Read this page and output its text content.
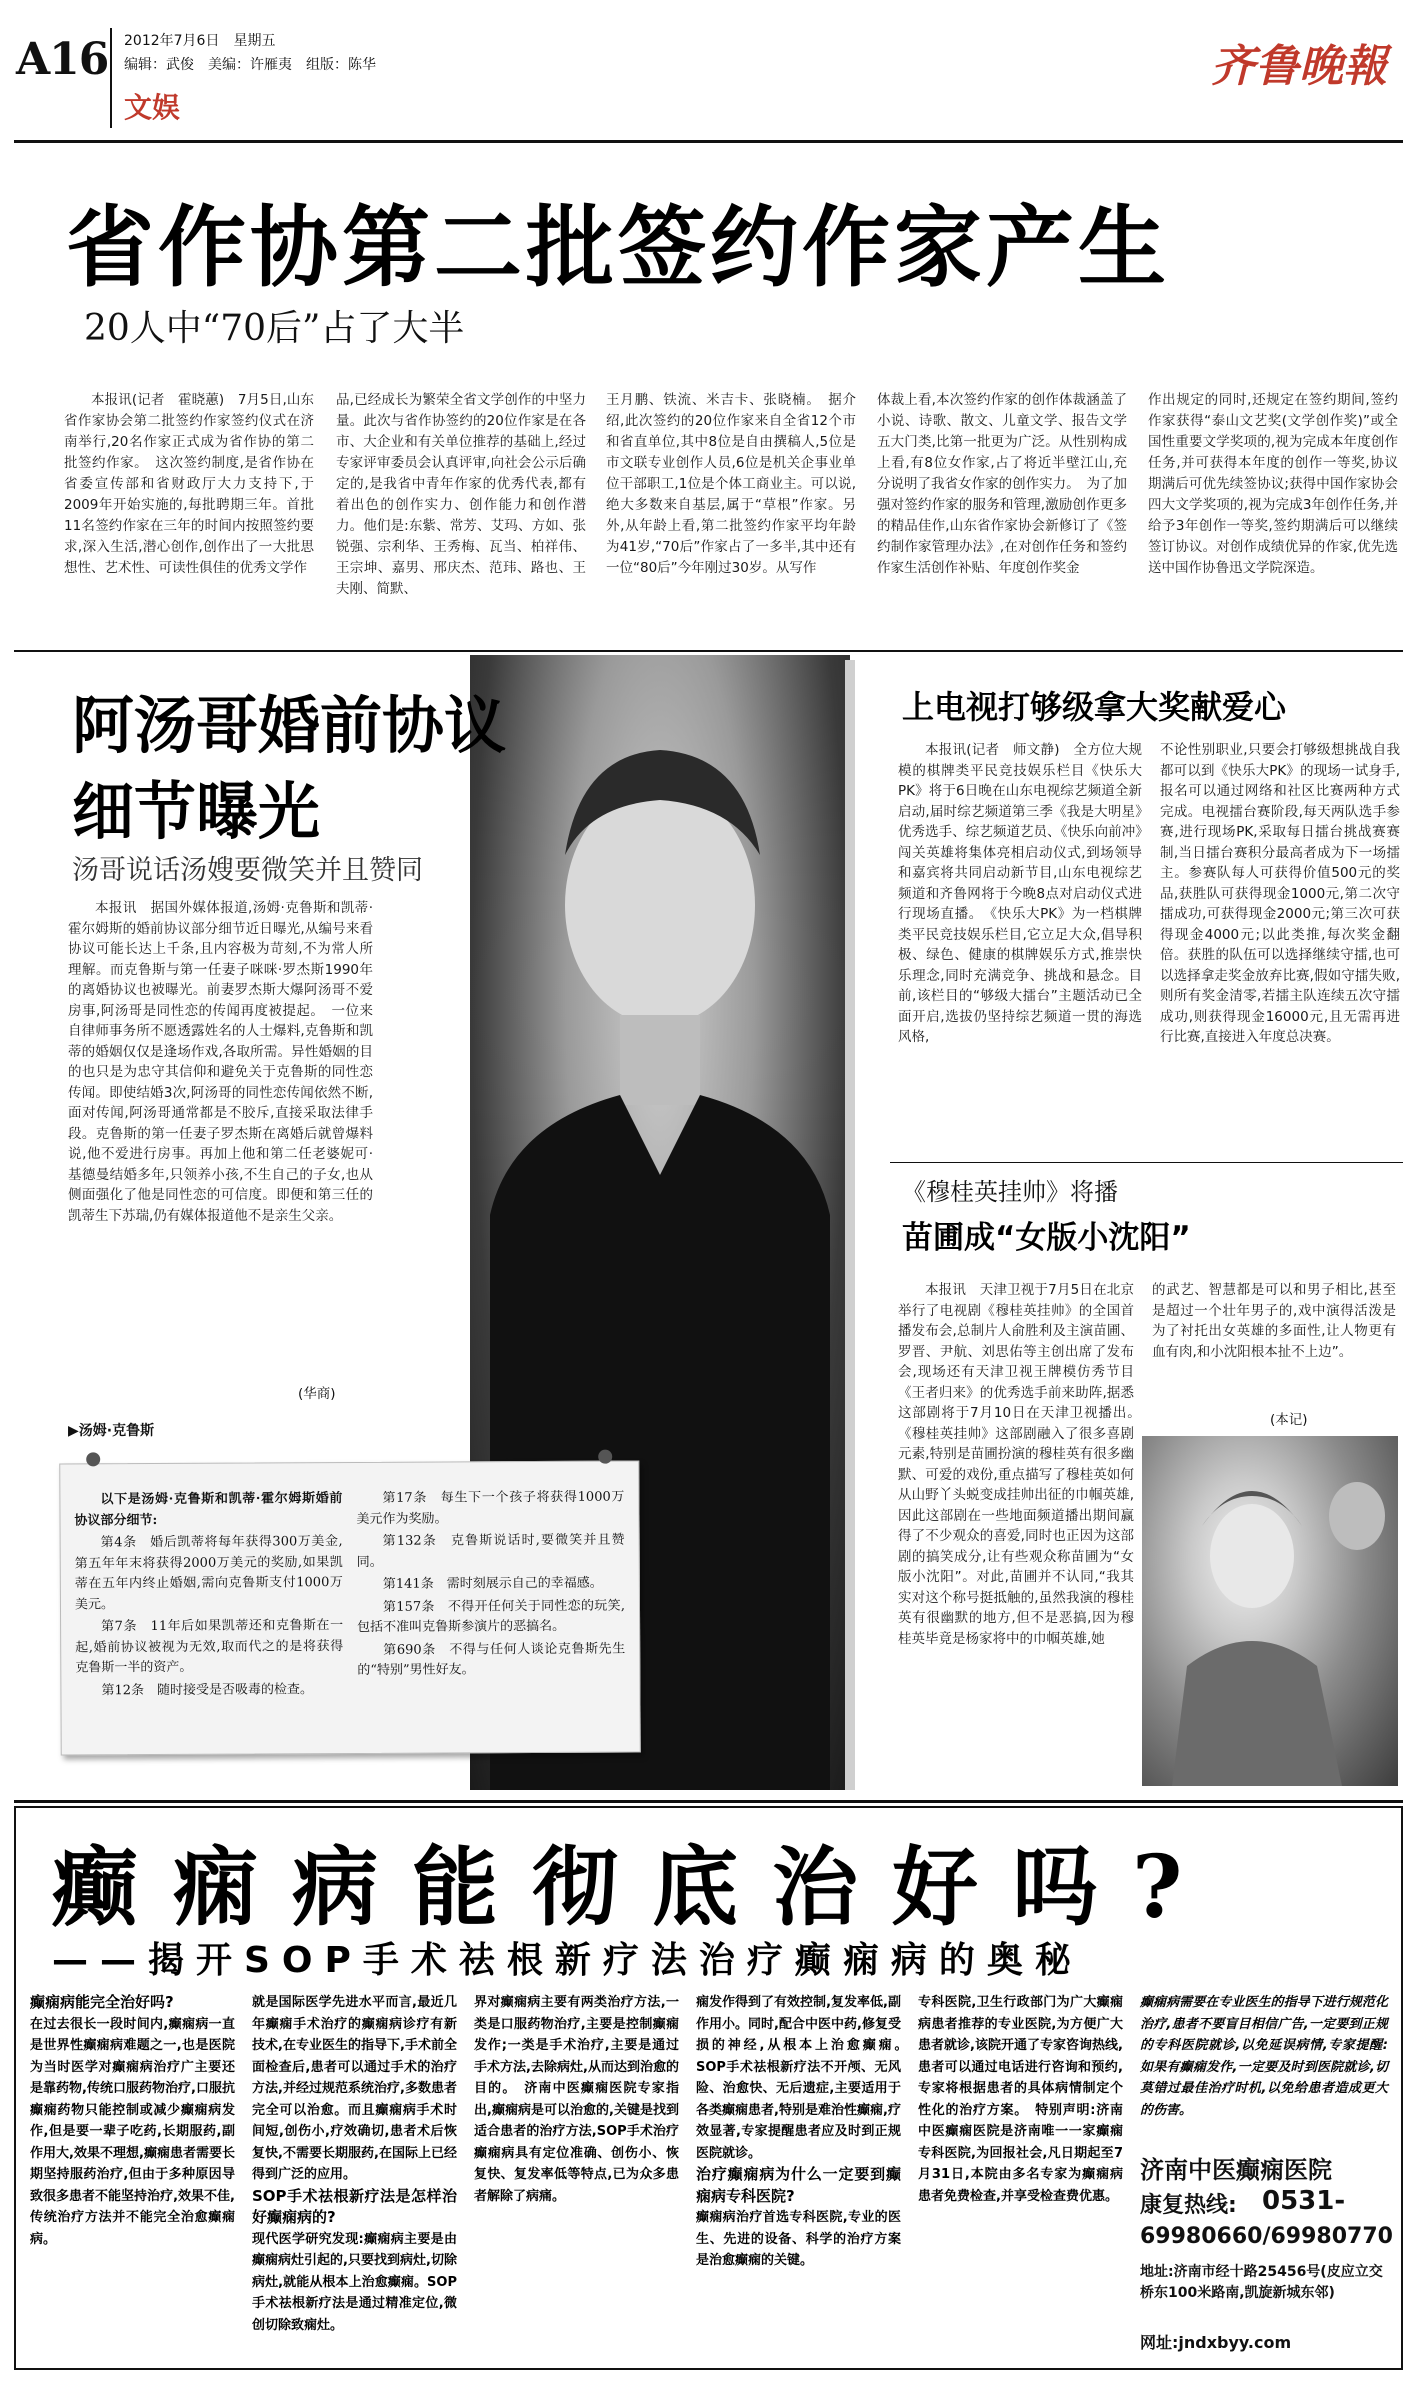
A16 2012年7月6日　星期五
编辑：武俊　美编：许雁夷　组版：陈华
文娱
齐鲁晚報
省作协第二批签约作家产生
20人中“70后”占了大半

本报讯(记者　霍晓蕙)　7月5日,山东省作家协会第二批签约作家签约仪式在济南举行,20名作家正式成为省作协的第二批签约作家。　这次签约制度,是省作协在省委宣传部和省财政厅大力支持下,于2009年开始实施的,每批聘期三年。首批11名签约作家在三年的时间内按照签约要求,深入生活,潜心创作,创作出了一大批思想性、艺术性、可读性俱佳的优秀文学作

品,已经成长为繁荣全省文学创作的中坚力量。此次与省作协签约的20位作家是在各市、大企业和有关单位推荐的基础上,经过专家评审委员会认真评审,向社会公示后确定的,是我省中青年作家的优秀代表,都有着出色的创作实力、创作能力和创作潜力。他们是:东紫、常芳、艾玛、方如、张锐强、宗利华、王秀梅、瓦当、柏祥伟、王宗坤、嘉男、邢庆杰、范玮、路也、王夫刚、简默、

王月鹏、铁流、米吉卡、张晓楠。　据介绍,此次签约的20位作家来自全省12个市和省直单位,其中8位是自由撰稿人,5位是市文联专业创作人员,6位是机关企事业单位干部职工,1位是个体工商业主。可以说,绝大多数来自基层,属于“草根”作家。另外,从年龄上看,第二批签约作家平均年龄为41岁,“70后”作家占了一多半,其中还有一位“80后”今年刚过30岁。从写作

体裁上看,本次签约作家的创作体裁涵盖了小说、诗歌、散文、儿童文学、报告文学五大门类,比第一批更为广泛。从性别构成上看,有8位女作家,占了将近半壁江山,充分说明了我省女作家的创作实力。　为了加强对签约作家的服务和管理,激励创作更多的精品佳作,山东省作家协会新修订了《签约制作家管理办法》,在对创作任务和签约作家生活创作补贴、年度创作奖金

作出规定的同时,还规定在签约期间,签约作家获得“泰山文艺奖(文学创作奖)”或全国性重要文学奖项的,视为完成本年度创作任务,并可获得本年度的创作一等奖,协议期满后可优先续签协议;获得中国作家协会四大文学奖项的,视为完成3年创作任务,并给予3年创作一等奖,签约期满后可以继续签订协议。对创作成绩优异的作家,优先选送中国作协鲁迅文学院深造。

阿汤哥婚前协议
细节曝光
汤哥说话汤嫂要微笑并且赞同

本报讯　据国外媒体报道,汤姆·克鲁斯和凯蒂·霍尔姆斯的婚前协议部分细节近日曝光,从编号来看协议可能长达上千条,且内容极为苛刻,不为常人所理解。而克鲁斯与第一任妻子咪咪·罗杰斯1990年的离婚协议也被曝光。前妻罗杰斯大爆阿汤哥不爱房事,阿汤哥是同性恋的传闻再度被提起。　一位来自律师事务所不愿透露姓名的人士爆料,克鲁斯和凯蒂的婚姻仅仅是逢场作戏,各取所需。异性婚姻的目的也只是为忠守其信仰和避免关于克鲁斯的同性恋传闻。即使结婚3次,阿汤哥的同性恋传闻依然不断,面对传闻,阿汤哥通常都是不胶斥,直接采取法律手段。克鲁斯的第一任妻子罗杰斯在离婚后就曾爆料说,他不爱进行房事。再加上他和第二任老婆妮可·基德曼结婚多年,只领养小孩,不生自己的子女,也从侧面强化了他是同性恋的可信度。即便和第三任的凯蒂生下苏瑞,仍有媒体报道他不是亲生父亲。

(华商)
▶汤姆·克鲁斯
以下是汤姆·克鲁斯和凯蒂·霍尔姆斯婚前协议部分细节:
第4条　婚后凯蒂将每年获得300万美金,第五年年末将获得2000万美元的奖励,如果凯蒂在五年内终止婚姻,需向克鲁斯支付1000万美元。
第7条　11年后如果凯蒂还和克鲁斯在一起,婚前协议被视为无效,取而代之的是将获得克鲁斯一半的资产。
第12条　随时接受是否吸毒的检查。
第17条　每生下一个孩子将获得1000万美元作为奖励。
第132条　克鲁斯说话时,要微笑并且赞同。
第141条　需时刻展示自己的幸福感。
第157条　不得开任何关于同性恋的玩笑,包括不准叫克鲁斯参演片的恶搞名。
第690条　不得与任何人谈论克鲁斯先生的“特别”男性好友。
上电视打够级拿大奖献爱心

本报讯(记者　师文静)　全方位大规模的棋牌类平民竞技娱乐栏目《快乐大PK》将于6日晚在山东电视综艺频道全新启动,届时综艺频道第三季《我是大明星》优秀选手、综艺频道艺员、《快乐向前冲》闯关英雄将集体亮相启动仪式,到场领导和嘉宾将共同启动新节目,山东电视综艺频道和齐鲁网将于今晚8点对启动仪式进行现场直播。　《快乐大PK》为一档棋牌类平民竞技娱乐栏目,它立足大众,倡导积极、绿色、健康的棋牌娱乐方式,推崇快乐理念,同时充满竞争、挑战和悬念。目前,该栏目的“够级大擂台”主题活动已全面开启,选拔仍坚持综艺频道一贯的海选风格,

不论性别职业,只要会打够级想挑战自我都可以到《快乐大PK》的现场一试身手,报名可以通过网络和社区比赛两种方式完成。电视擂台赛阶段,每天两队选手参赛,进行现场PK,采取每日擂台挑战赛赛制,当日擂台赛积分最高者成为下一场擂主。参赛队每人可获得价值500元的奖品,获胜队可获得现金1000元,第二次守擂成功,可获得现金2000元;第三次可获得现金4000元;以此类推,每次奖金翻倍。获胜的队伍可以选择继续守擂,也可以选择拿走奖金放弃比赛,假如守擂失败,则所有奖金清零,若擂主队连续五次守擂成功,则获得现金16000元,且无需再进行比赛,直接进入年度总决赛。

《穆桂英挂帅》将播
苗圃成“女版小沈阳”

本报讯　天津卫视于7月5日在北京举行了电视剧《穆桂英挂帅》的全国首播发布会,总制片人俞胜利及主演苗圃、罗晋、尹航、刘思佑等主创出席了发布会,现场还有天津卫视王牌模仿秀节目《王者归来》的优秀选手前来助阵,据悉这部剧将于7月10日在天津卫视播出。　《穆桂英挂帅》这部剧融入了很多喜剧元素,特别是苗圃扮演的穆桂英有很多幽默、可爱的戏份,重点描写了穆桂英如何从山野丫头蜕变成挂帅出征的巾帼英雄,因此这部剧在一些地面频道播出期间赢得了不少观众的喜爱,同时也正因为这部剧的搞笑成分,让有些观众称苗圃为“女版小沈阳”。对此,苗圃并不认同,“我其实对这个称号挺抵触的,虽然我演的穆桂英有很幽默的地方,但不是恶搞,因为穆桂英毕竟是杨家将中的巾帼英雄,她

的武艺、智慧都是可以和男子相比,甚至是超过一个壮年男子的,戏中演得活泼是为了衬托出女英雄的多面性,让人物更有血有肉,和小沈阳根本扯不上边”。

(本记)
癫痫病能彻底治好吗?
——揭开SOP手术祛根新疗法治疗癫痫病的奥秘

癫痫病能完全治好吗?

在过去很长一段时间内,癫痫病一直是世界性癫痫病难题之一,也是医院为当时医学对癫痫病治疗广主要还是靠药物,传统口服药物治疗,口服抗癫痫药物只能控制或减少癫痫病发作,但是要一辈子吃药,长期服药,副作用大,效果不理想,癫痫患者需要长期坚持服药治疗,但由于多种原因导致很多患者不能坚持治疗,效果不佳,传统治疗方法并不能完全治愈癫痫病。

就是国际医学先进水平而言,最近几年癫痫手术治疗的癫痫病诊疗有新技术,在专业医生的指导下,手术前全面检查后,患者可以通过手术的治疗方法,并经过规范系统治疗,多数患者完全可以治愈。而且癫痫病手术时间短,创伤小,疗效确切,患者术后恢复快,不需要长期服药,在国际上已经得到广泛的应用。

SOP手术祛根新疗法是怎样治好癫痫病的?

现代医学研究发现:癫痫病主要是由癫痫病灶引起的,只要找到病灶,切除病灶,就能从根本上治愈癫痫。SOP手术祛根新疗法是通过精准定位,微创切除致痫灶。

界对癫痫病主要有两类治疗方法,一类是口服药物治疗,主要是控制癫痫发作;一类是手术治疗,主要是通过手术方法,去除病灶,从而达到治愈的目的。　济南中医癫痫医院专家指出,癫痫病是可以治愈的,关键是找到适合患者的治疗方法,SOP手术治疗癫痫病具有定位准确、创伤小、恢复快、复发率低等特点,已为众多患者解除了病痛。

痫发作得到了有效控制,复发率低,副作用小。同时,配合中医中药,修复受损的神经,从根本上治愈癫痫。　SOP手术祛根新疗法不开颅、无风险、治愈快、无后遗症,主要适用于各类癫痫患者,特别是难治性癫痫,疗效显著,专家提醒患者应及时到正规医院就诊。

治疗癫痫病为什么一定要到癫痫病专科医院?

癫痫病治疗首选专科医院,专业的医生、先进的设备、科学的治疗方案是治愈癫痫的关键。

专科医院,卫生行政部门为广大癫痫病患者推荐的专业医院,为方便广大患者就诊,该院开通了专家咨询热线,患者可以通过电话进行咨询和预约,专家将根据患者的具体病情制定个性化的治疗方案。　特别声明:济南中医癫痫医院是济南唯一一家癫痫专科医院,为回报社会,凡日期起至7月31日,本院由多名专家为癫痫病患者免费检查,并享受检查费优惠。

癫痫病需要在专业医生的指导下进行规范化治疗,患者不要盲目相信广告,一定要到正规的专科医院就诊,以免延误病情,专家提醒:如果有癫痫发作,一定要及时到医院就诊,切莫错过最佳治疗时机,以免给患者造成更大的伤害。

济南中医癫痫医院
康复热线: 0531-
69980660/69980770
地址:济南市经十路25456号(皮应立交桥东100米路南,凯旋新城东邻)
网址:jndxbyy.com
